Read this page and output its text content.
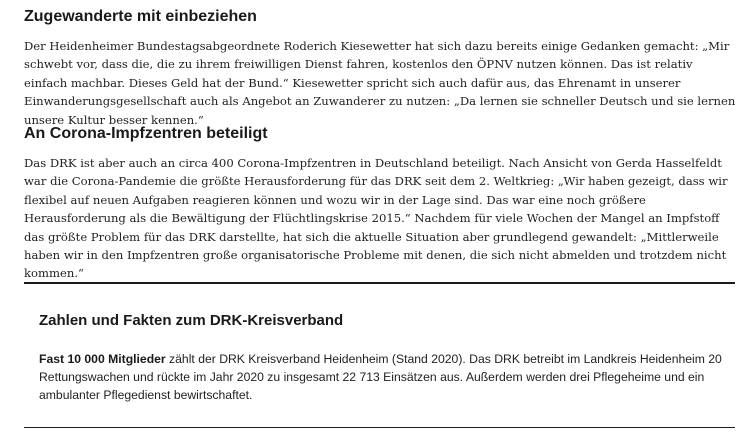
Zugewanderte mit einbeziehen

Der Heidenheimer Bundestagsabgeordnete Roderich Kiesewetter hat sich dazu bereits einige Gedanken gemacht: „Mir schwebt vor, dass die, die zu ihrem freiwilligen Dienst fahren, kostenlos den ÖPNV nutzen können. Das ist relativ einfach machbar. Dieses Geld hat der Bund.“ Kiesewetter spricht sich auch dafür aus, das Ehrenamt in unserer Einwanderungsgesellschaft auch als Angebot an Zuwanderer zu nutzen: „Da lernen sie schneller Deutsch und sie lernen unsere Kultur besser kennen.“

An Corona-Impfzentren beteiligt

Das DRK ist aber auch an circa 400 Corona-Impfzentren in Deutschland beteiligt. Nach Ansicht von Gerda Hasselfeldt war die Corona-Pandemie die größte Herausforderung für das DRK seit dem 2. Weltkrieg: „Wir haben gezeigt, dass wir flexibel auf neuen Aufgaben reagieren können und wozu wir in der Lage sind. Das war eine noch größere Herausforderung als die Bewältigung der Flüchtlingskrise 2015.“ Nachdem für viele Wochen der Mangel an Impfstoff das größte Problem für das DRK darstellte, hat sich die aktuelle Situation aber grundlegend gewandelt: „Mittlerweile haben wir in den Impfzentren große organisatorische Probleme mit denen, die sich nicht abmelden und trotzdem nicht kommen.“

Zahlen und Fakten zum DRK-Kreisverband

Fast 10 000 Mitglieder zählt der DRK Kreisverband Heidenheim (Stand 2020). Das DRK betreibt im Landkreis Heidenheim 20 Rettungswachen und rückte im Jahr 2020 zu insgesamt 22 713 Einsätzen aus. Außerdem werden drei Pflegeheime und ein ambulanter Pflegedienst bewirtschaftet.
